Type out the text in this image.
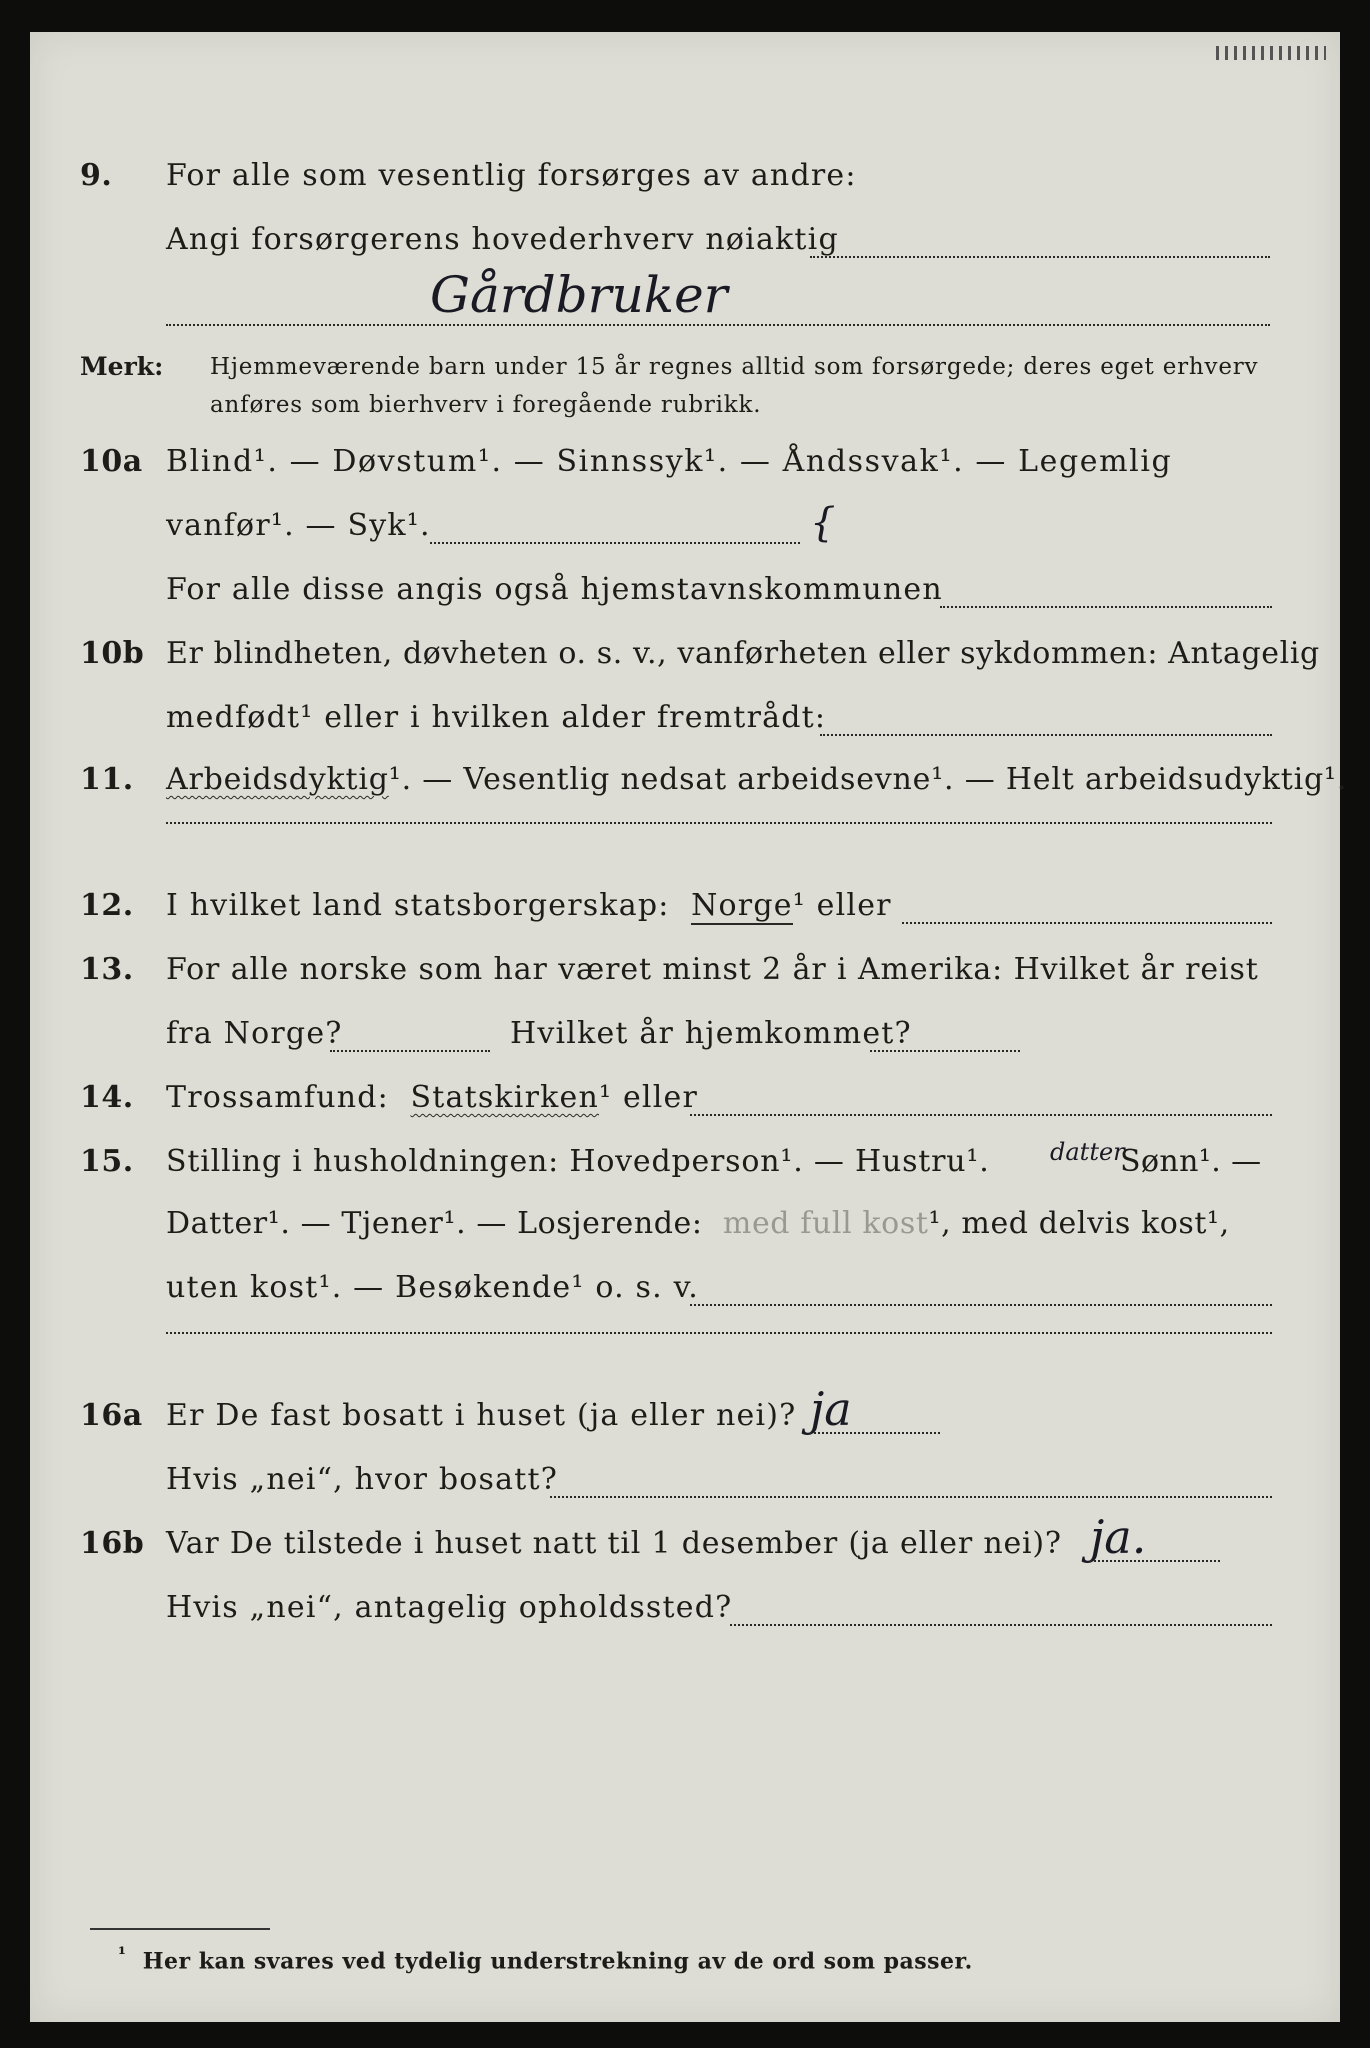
9. For alle som vesentlig forsørges av andre:
Angi forsørgerens hovederhverv nøiaktig
Gårdbruker
Merk: Hjemmeværende barn under 15 år regnes alltid som forsørgede; deres eget erhverv
anføres som bierhverv i foregående rubrikk.
10a Blind¹. — Døvstum¹. — Sinnssyk¹. — Åndssvak¹. — Legemlig
vanfør¹. — Syk¹.	{
For alle disse angis også hjemstavnskommunen
10b Er blindheten, døvheten o. s. v., vanførheten eller sykdommen: Antagelig
medfødt¹ eller i hvilken alder fremtrådt:
11. Arbeidsdyktig¹. — Vesentlig nedsat arbeidsevne¹. — Helt arbeidsudyktig¹.
12. I hvilket land statsborgerskap: Norge¹ eller
13. For alle norske som har været minst 2 år i Amerika: Hvilket år reist
fra Norge?	Hvilket år hjemkommet?
14. Trossamfund: Statskirken¹ eller
15. Stilling i husholdningen: Hovedperson¹. — Hustru¹.	datter
Sønn¹. —
Datter¹. — Tjener¹. — Losjerende: med full kost¹, med delvis kost¹,
uten kost¹. — Besøkende¹ o. s. v.
16a Er De fast bosatt i huset (ja eller nei)? ja
Hvis „nei“, hvor bosatt?
16b Var De tilstede i huset natt til 1 desember (ja eller nei)? ja.
Hvis „nei“, antagelig opholdssted?
$^{^1}$ Her kan svares ved tydelig understrekning av de ord som passer.
